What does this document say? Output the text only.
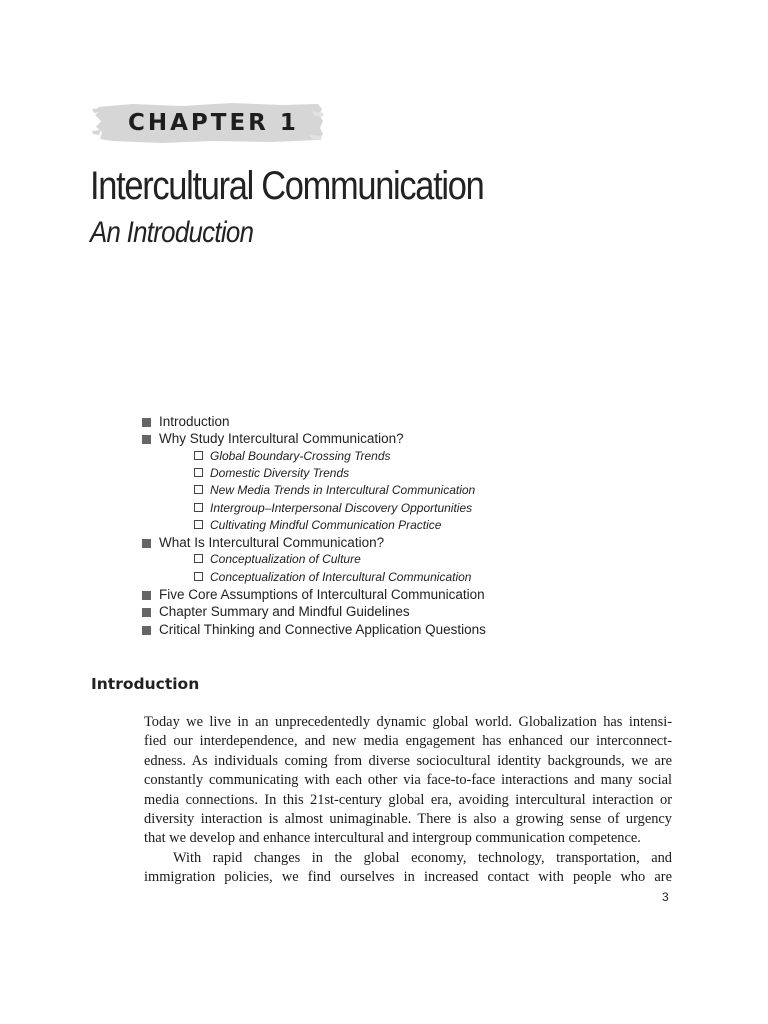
CHAPTER 1
Intercultural Communication
An Introduction
Introduction
Why Study Intercultural Communication?
Global Boundary-Crossing Trends
Domestic Diversity Trends
New Media Trends in Intercultural Communication
Intergroup–Interpersonal Discovery Opportunities
Cultivating Mindful Communication Practice
What Is Intercultural Communication?
Conceptualization of Culture
Conceptualization of Intercultural Communication
Five Core Assumptions of Intercultural Communication
Chapter Summary and Mindful Guidelines
Critical Thinking and Connective Application Questions
Introduction
Today we live in an unprecedentedly dynamic global world. Globalization has intensi-
fied our interdependence, and new media engagement has enhanced our interconnect-
edness. As individuals coming from diverse sociocultural identity backgrounds, we are
constantly communicating with each other via face-to-face interactions and many social
media connections. In this 21st-century global era, avoiding intercultural interaction or
diversity interaction is almost unimaginable. There is also a growing sense of urgency
that we develop and enhance intercultural and intergroup communication competence.
With rapid changes in the global economy, technology, transportation, and
immigration policies, we find ourselves in increased contact with people who are
3
